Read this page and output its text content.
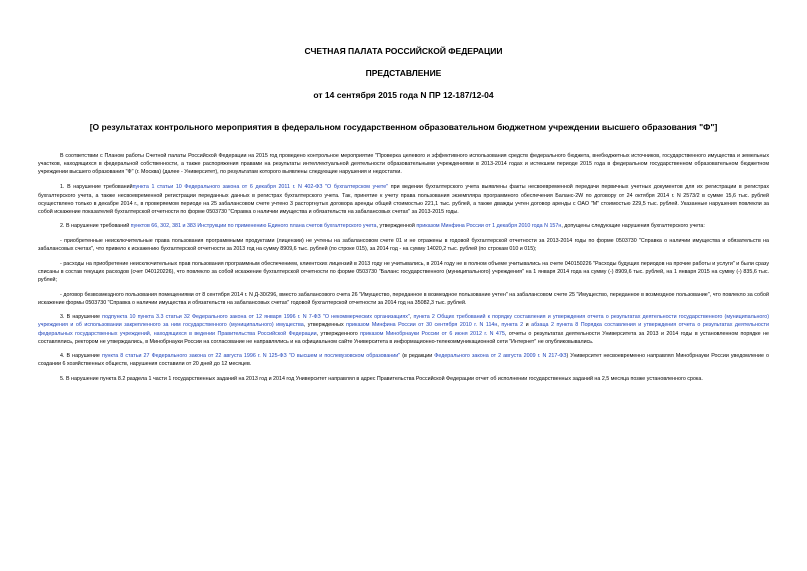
СЧЕТНАЯ ПАЛАТА РОССИЙСКОЙ ФЕДЕРАЦИИ
ПРЕДСТАВЛЕНИЕ
от 14 сентября 2015 года N ПР 12-187/12-04
[О результатах контрольного мероприятия в федеральном государственном образовательном бюджетном учреждении высшего образования "Ф"]

В соответствии с Планом работы Счетной палаты Российской Федерации на 2015 год проведено контрольное мероприятие "Проверка целевого и эффективного использования средств федерального бюджета, внебюджетных источников, государственного имущества и земельных участков, находящихся в федеральной собственности, а также распоряжения правами на результаты интеллектуальной деятельности образовательными учреждениями в 2013-2014 годах и истекшем периоде 2015 года в федеральном государственном образовательном бюджетном учреждении высшего образования "Ф" (г. Москва) (далее - Университет), по результатам которого выявлены следующие нарушения и недостатки.

1. В нарушение требованийпункта 1 статьи 10 Федерального закона от 6 декабря 2011 г. N 402-ФЗ "О бухгалтерском учете" при ведении бухгалтерского учета выявлены факты несвоевременной передачи первичных учетных документов для их регистрации в регистрах бухгалтерского учета, а также несвоевременной регистрации переданных данных в регистрах бухгалтерского учета. Так, принятие к учету права пользования экземпляра программного обеспечения Баланс-2W по договору от 24 октября 2014 г. N 2573/2 в сумме 15,6 тыс. рублей осуществлено только в декабре 2014 г., в проверяемом периоде на 25 забалансовом счете учтено 3 расторгнутых договора аренды общей стоимостью 221,1 тыс. рублей, а также дважды учтен договор аренды с ОАО "М" стоимостью 229,5 тыс. рублей. Указанные нарушения повлекли за собой искажение показателей бухгалтерской отчетности по форме 0503730 "Справка о наличии имущества и обязательств на забалансовых счетах" за 2013-2015 годы.

2. В нарушение требований пунктов 66, 302, 381 и 383 Инструкции по применению Единого плана счетов бухгалтерского учета, утвержденной приказом Минфина России от 1 декабря 2010 года N 157н, допущены следующие нарушения бухгалтерского учета:

- приобретенные неисключительные права пользования программными продуктами (лицензии) не учтены на забалансовом счете 01 и не отражены в годовой бухгалтерской отчетности за 2013-2014 годы по форме 0503730 "Справка о наличии имущества и обязательств на забалансовых счетах", что привело к искажению бухгалтерской отчетности за 2013 год на сумму 8909,6 тыс. рублей (по строке 015), за 2014 год - на сумму 14020,2 тыс. рублей (по строкам 010 и 015);

- расходы на приобретение неисключительных прав пользования программным обеспечением, клиентских лицензий в 2013 году не учитывались, в 2014 году не в полном объеме учитывались на счете 040150226 "Расходы будущих периодов на прочие работы и услуги" и были сразу списаны в состав текущих расходов (счет 040120226), что повлекло за собой искажение бухгалтерской отчетности по форме 0503730 "Баланс государственного (муниципального) учреждения" на 1 января 2014 года на сумму (-) 8909,6 тыс. рублей, на 1 января 2015 на сумму (-) 835,6 тыс. рублей;

- договор безвозмездного пользования помещениями от 8 сентября 2014 г. N Д-30/296, вместо забалансового счета 26 "Имущество, переданное в возмездное пользование учтен" на забалансовом счете 25 "Имущество, переданное в возмездное пользование", что повлекло за собой искажение формы 0503730 "Справка о наличии имущества и обязательств на забалансовых счетах" годовой бухгалтерской отчетности за 2014 год на 35082,3 тыс. рублей.

3. В нарушение подпункта 10 пункта 3.3 статьи 32 Федерального закона от 12 января 1996 г. N 7-ФЗ "О некоммерческих организациях", пункта 2 Общих требований к порядку составления и утверждения отчета о результатах деятельности государственного (муниципального) учреждения и об использовании закрепленного за ним государственного (муниципального) имущества, утвержденных приказом Минфина России от 30 сентября 2010 г. N 114н, пункта 2 и абзаца 2 пункта 8 Порядка составления и утверждения отчета о результатах деятельности федеральных государственных учреждений, находящихся в ведении Правительства Российской Федерации, утвержденного приказом Минобрнауки России от 6 июня 2012 г. N 475, отчеты о результатах деятельности Университета за 2013 и 2014 годы в установленном порядке не составлялись, ректором не утверждались, в Минобрнауки России на согласование не направлялись и на официальном сайте Университета в информационно-телекоммуникационной сети "Интернет" не опубликовывались.

4. В нарушение пункта 8 статьи 27 Федерального закона от 22 августа 1996 г. N 125-ФЗ "О высшем и послевузовском образовании" (в редакции Федерального закона от 2 августа 2009 г. N 217-ФЗ) Университет несвоевременно направлял Минобрнауки России уведомление о создании 6 хозяйственных обществ, нарушения составили от 20 дней до 12 месяцев.

5. В нарушение пункта 8.2 раздела 1 части 1 государственных заданий на 2013 год и 2014 год Университет направлял в адрес Правительства Российской Федерации отчет об исполнении государственных заданий на 2,5 месяца позже установленного срока.
